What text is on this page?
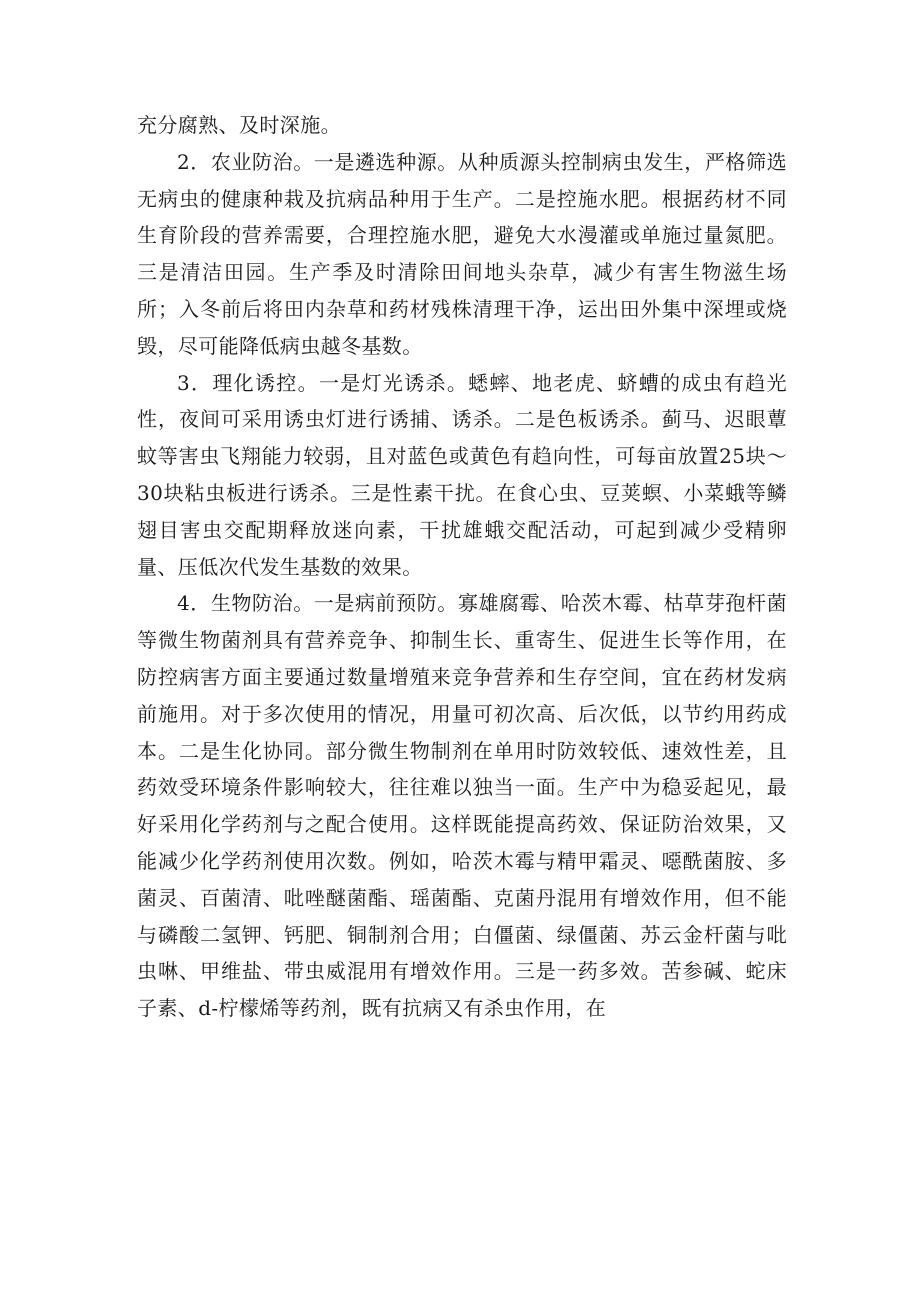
充分腐熟、及时深施。

2．农业防治。一是遴选种源。从种质源头控制病虫发生，严格筛选无病虫的健康种栽及抗病品种用于生产。二是控施水肥。根据药材不同生育阶段的营养需要，合理控施水肥，避免大水漫灌或单施过量氮肥。三是清洁田园。生产季及时清除田间地头杂草，减少有害生物滋生场所；入冬前后将田内杂草和药材残株清理干净，运出田外集中深埋或烧毁，尽可能降低病虫越冬基数。

3．理化诱控。一是灯光诱杀。蟋蟀、地老虎、蛴螬的成虫有趋光性，夜间可采用诱虫灯进行诱捕、诱杀。二是色板诱杀。蓟马、迟眼蕈蚊等害虫飞翔能力较弱，且对蓝色或黄色有趋向性，可每亩放置25块～30块粘虫板进行诱杀。三是性素干扰。在食心虫、豆荚螟、小菜蛾等鳞翅目害虫交配期释放迷向素，干扰雄蛾交配活动，可起到减少受精卵量、压低次代发生基数的效果。

4．生物防治。一是病前预防。寡雄腐霉、哈茨木霉、枯草芽孢杆菌等微生物菌剂具有营养竞争、抑制生长、重寄生、促进生长等作用，在防控病害方面主要通过数量增殖来竞争营养和生存空间，宜在药材发病前施用。对于多次使用的情况，用量可初次高、后次低，以节约用药成本。二是生化协同。部分微生物制剂在单用时防效较低、速效性差，且药效受环境条件影响较大，往往难以独当一面。生产中为稳妥起见，最好采用化学药剂与之配合使用。这样既能提高药效、保证防治效果，又能减少化学药剂使用次数。例如，哈茨木霉与精甲霜灵、噁酰菌胺、多菌灵、百菌清、吡唑醚菌酯、瑶菌酯、克菌丹混用有增效作用，但不能与磷酸二氢钾、钙肥、铜制剂合用；白僵菌、绿僵菌、苏云金杆菌与吡虫啉、甲维盐、带虫威混用有增效作用。三是一药多效。苦参碱、蛇床子素、d-柠檬烯等药剂，既有抗病又有杀虫作用，在
